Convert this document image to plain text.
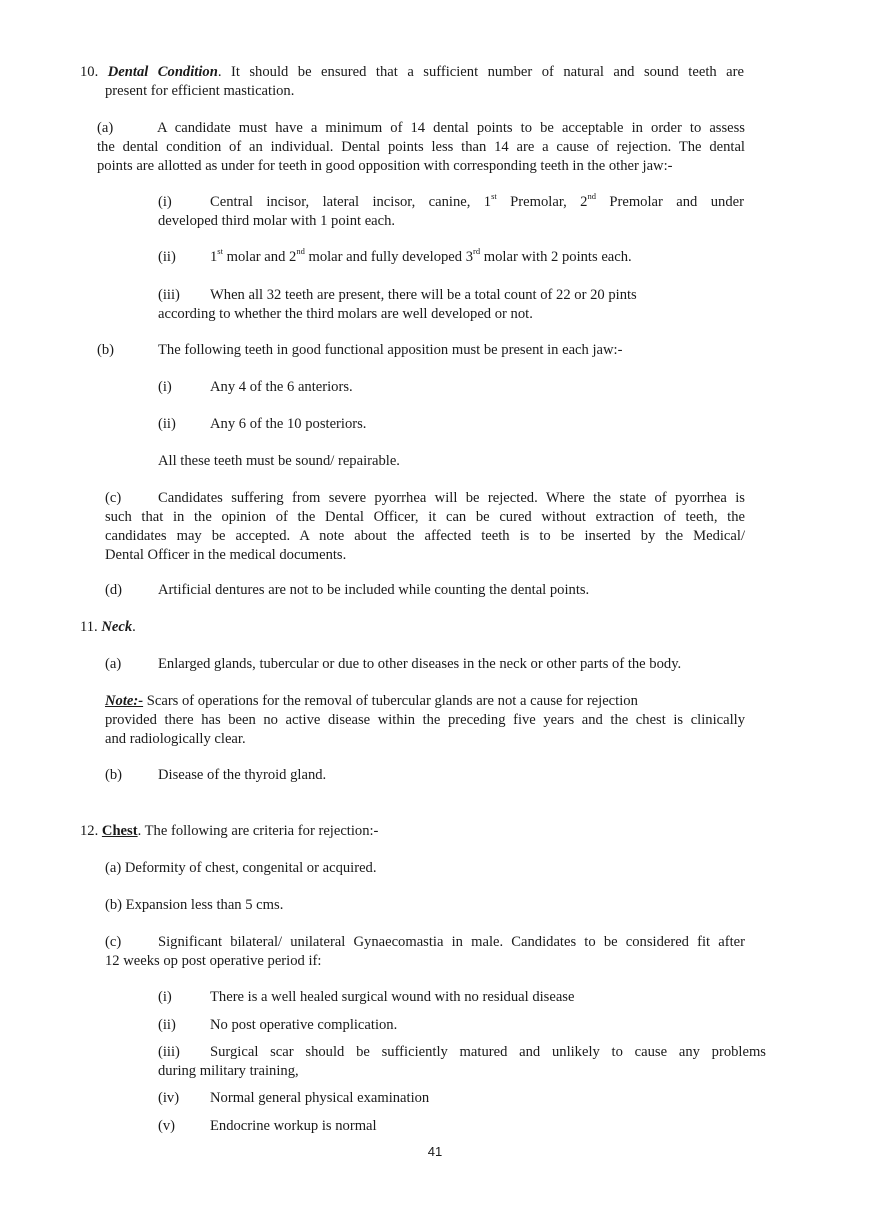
10. Dental Condition. It should be ensured that a sufficient number of natural and sound teeth are
present for efficient mastication.
(a)	A candidate must have a minimum of 14 dental points to be acceptable in order to assess
the dental condition of an individual. Dental points less than 14 are a cause of rejection. The dental
points are allotted as under for teeth in good opposition with corresponding teeth in the other jaw:-
(i)	Central incisor, lateral incisor, canine, 1st Premolar, 2nd Premolar and under
developed third molar with 1 point each.
(ii) 1st molar and 2nd molar and fully developed 3rd molar with 2 points each.
(iii) When all 32 teeth are present, there will be a total count of 22 or 20 pints
according to whether the third molars are well developed or not.
(b)	The following teeth in good functional apposition must be present in each jaw:-
(i)	Any 4 of the 6 anteriors.
(ii) Any 6 of the 10 posteriors.
All these teeth must be sound/ repairable.
(c)	Candidates suffering from severe pyorrhea will be rejected. Where the state of pyorrhea is
such that in the opinion of the Dental Officer, it can be cured without extraction of teeth, the
candidates may be accepted. A note about the affected teeth is to be inserted by the Medical/
Dental Officer in the medical documents.
(d) Artificial dentures are not to be included while counting the dental points.
11. Neck.
(a)	Enlarged glands, tubercular or due to other diseases in the neck or other parts of the body.
Note:- Scars of operations for the removal of tubercular glands are not a cause for rejection
provided there has been no active disease within the preceding five years and the chest is clinically
and radiologically clear.
(b) Disease of the thyroid gland.
12. Chest. The following are criteria for rejection:-
(a) Deformity of chest, congenital or acquired.
(b) Expansion less than 5 cms.
(c)	Significant bilateral/ unilateral Gynaecomastia in male. Candidates to be considered fit after
12 weeks op post operative period if:
(i)	There is a well healed surgical wound with no residual disease
(ii) No post operative complication.
(iii) Surgical scar should be sufficiently matured and unlikely to cause any problems
during military training,
(iv) Normal general physical examination
(v) Endocrine workup is normal
41
